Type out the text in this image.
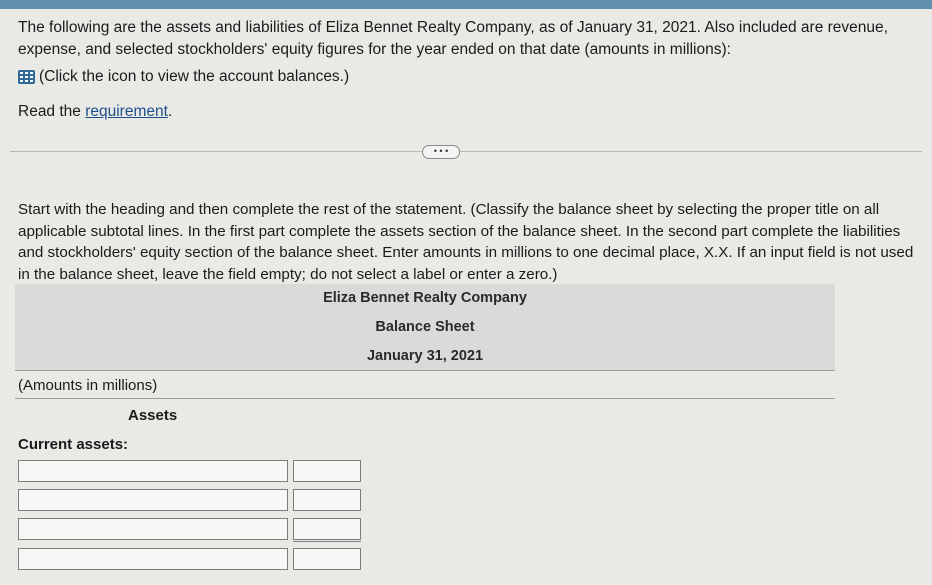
The following are the assets and liabilities of Eliza Bennet Realty Company, as of January 31, 2021. Also included are revenue, expense, and selected stockholders' equity figures for the year ended on that date (amounts in millions):
(Click the icon to view the account balances.)
Read the requirement.
• • •
Start with the heading and then complete the rest of the statement. (Classify the balance sheet by selecting the proper title on all applicable subtotal lines. In the first part complete the assets section of the balance sheet. In the second part complete the liabilities and stockholders' equity section of the balance sheet. Enter amounts in millions to one decimal place, X.X. If an input field is not used in the balance sheet, leave the field empty; do not select a label or enter a zero.)
Eliza Bennet Realty Company
Balance Sheet
January 31, 2021
(Amounts in millions)
Assets
Current assets:
